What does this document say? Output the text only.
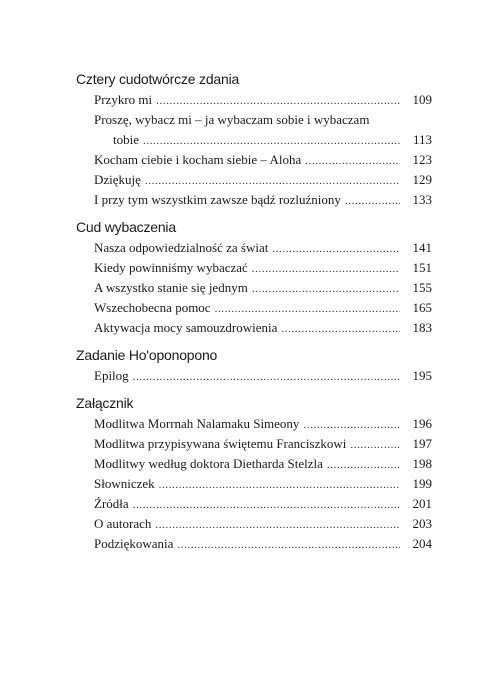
Cztery cudotwórcze zdania
Przykro mi .....	109
Proszę, wybacz mi – ja wybaczam sobie i wybaczam
tobie .....	113
Kocham ciebie i kocham siebie – Aloha .....	123
Dziękuję .....	129
I przy tym wszystkim zawsze bądź rozluźniony .....	133
Cud wybaczenia
Nasza odpowiedzialność za świat .....	141
Kiedy powinniśmy wybaczać .....	151
A wszystko stanie się jednym .....	155
Wszechobecna pomoc .....	165
Aktywacja mocy samouzdrowienia .....	183
Zadanie Ho'oponopono
Epilog .....	195
Załącznik
Modlitwa Morrnah Nalamaku Simeony .....	196
Modlitwa przypisywana świętemu Franciszkowi .....	197
Modlitwy według doktora Dietharda Stelzla .....	198
Słowniczek .....	199
Źródła .....	201
O autorach .....	203
Podziękowania .....	204
